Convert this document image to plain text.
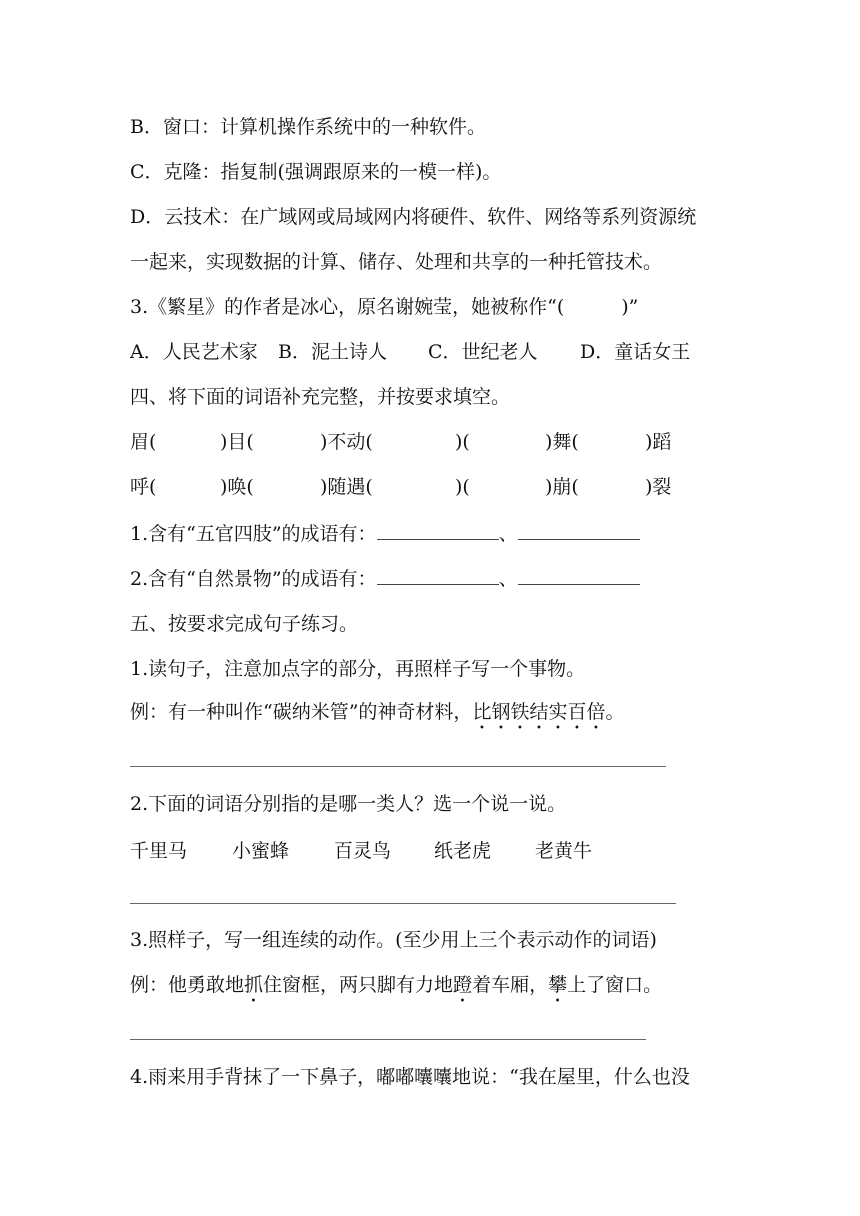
B．窗口：计算机操作系统中的一种软件。
C．克隆：指复制(强调跟原来的一模一样)。
D．云技术：在广域网或局域网内将硬件、软件、网络等系列资源统
一起来，实现数据的计算、储存、处理和共享的一种托管技术。
3.《繁星》的作者是冰心，原名谢婉莹，她被称作“(　　　)”
A．人民艺术家 B．泥土诗人 C．世纪老人 D．童话女王
四、将下面的词语补充完整，并按要求填空。
眉(	)目(	)不动(	)(	)舞(	)蹈
呼(	)唤(	)随遇(	)(	)崩(	)裂
1.含有“五官四肢”的成语有：	、
2.含有“自然景物”的成语有：	、
五、按要求完成句子练习。
1.读句子，注意加点字的部分，再照样子写一个事物。
例：有一种叫作“碳纳米管”的神奇材料，比钢铁结实百倍。
2.下面的词语分别指的是哪一类人？选一个说一说。
千里马 小蜜蜂 百灵鸟 纸老虎 老黄牛
3.照样子，写一组连续的动作。(至少用上三个表示动作的词语)
例：他勇敢地抓住窗框，两只脚有力地蹬着车厢，攀上了窗口。
4.雨来用手背抹了一下鼻子，嘟嘟囔囔地说：“我在屋里，什么也没
